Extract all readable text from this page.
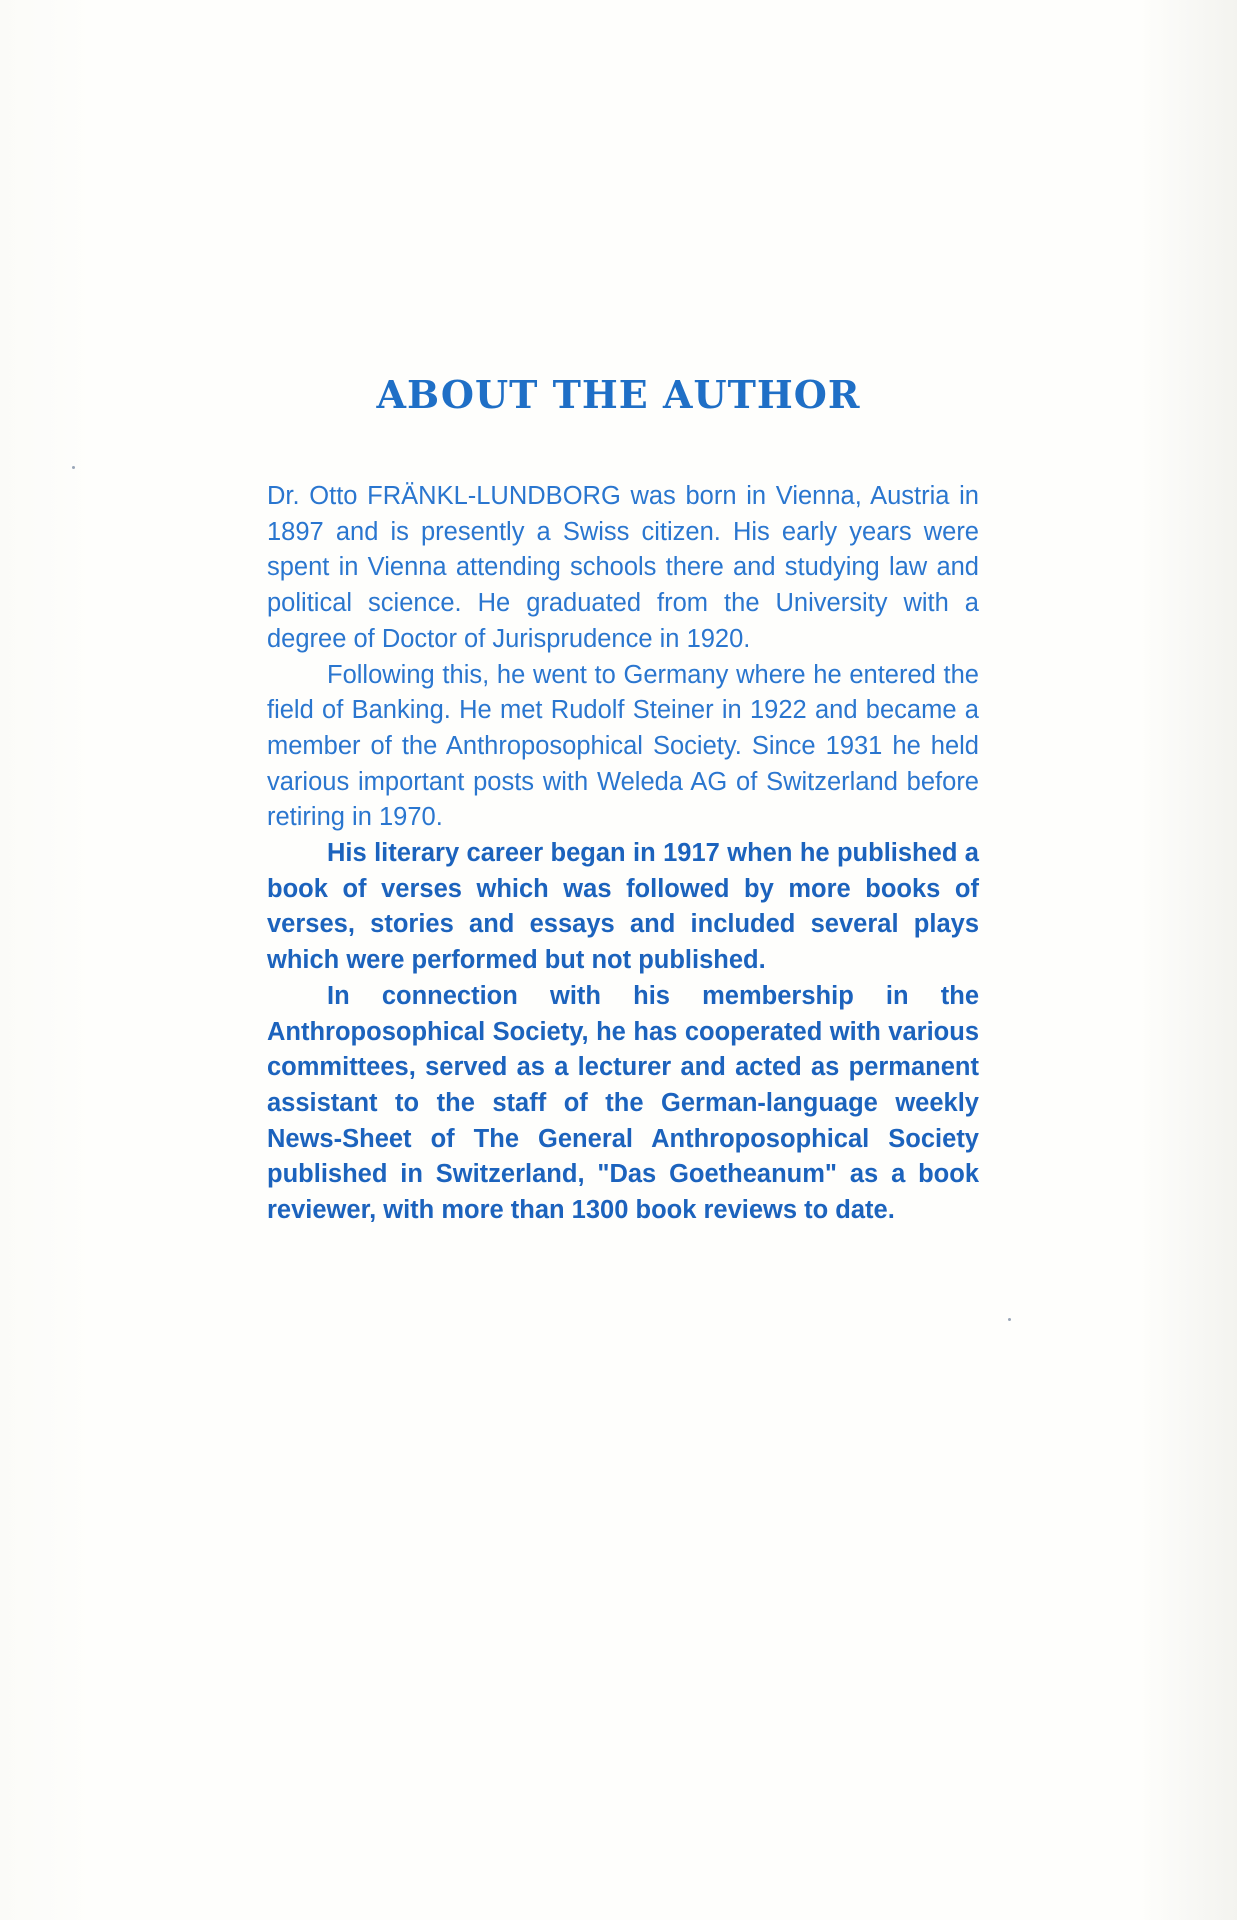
ABOUT THE AUTHOR

Dr. Otto FRÄNKL-LUNDBORG was born in Vienna, Austria in 1897 and is presently a Swiss citizen. His early years were spent in Vienna attending schools there and studying law and political science. He graduated from the University with a degree of Doctor of Jurisprudence in 1920.

Following this, he went to Germany where he entered the field of Banking. He met Rudolf Steiner in 1922 and became a member of the Anthroposophical Society. Since 1931 he held various important posts with Weleda AG of Switzerland before retiring in 1970.

His literary career began in 1917 when he published a book of verses which was followed by more books of verses, stories and essays and included several plays which were performed but not published.

In connection with his membership in the Anthroposophical Society, he has cooperated with various committees, served as a lecturer and acted as permanent assistant to the staff of the German-language weekly News-Sheet of The General Anthroposophical Society published in Switzerland, "Das Goetheanum" as a book reviewer, with more than 1300 book reviews to date.
